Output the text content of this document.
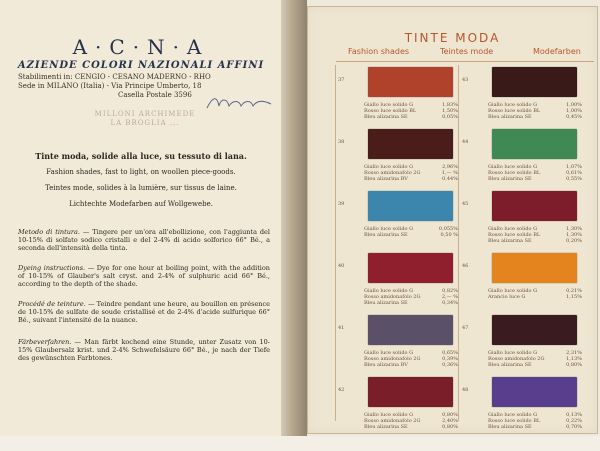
A·C·N·A
AZIENDE COLORI NAZIONALI AFFINI
Stabilimenti in: CENGIO - CESANO MADERNO - RHO
Sede in MILANO (Italia) - Via Principe Umberto, 18
Casella Postale 3596
MILLONI ARCHIMEDE
LA BROGLIA ...
Tinte moda, solide alla luce, su tessuto di lana.
Fashion shades, fast to light, on woollen piece-goods.
Teintes mode, solides à la lumière, sur tissus de laine.
Lichtechte Modefarben auf Wollgewebe.
Metodo di tintura. — Tingere per un'ora all'ebollizione, con l'aggiunta del 10-15% di solfato sodico cristalli e del 2-4% di acido solforico 66° Bé., a seconda dell'intensità della tinta.
Dyeing instructions. — Dye for one hour at boiling point, with the addition of 10-15% of Glauber's salt cryst. and 2-4% of sulphuric acid 66° Bé., according to the depth of the shade.
Procédé de teinture. — Teindre pendant une heure, au bouillon en présence de 10-15% de sulfate de soude cristallisé et de 2-4% d'acide sulfurique 66° Bé., suivant l'intensité de la nuance.
Färbeverfahren. — Man färbt kochend eine Stunde, unter Zusatz von 10-15% Glaubersalz krist. und 2-4% Schwefelsäure 66° Bé., je nach der Tiefe des gewünschten Farbtones.
TINTE MODA
Fashion shades	Teintes mode	Modefarben
37
Giallo luce solido G	1,83%
Rosso luce solido BL	1,50%
Bleu alizarina SE	0,05%
38
Giallo luce solido G	2,96%
Rosso amidonafolo 2G	1,— %
Bleu alizarina BV	0,44%
39
Giallo luce solido G	0,055%
Bleu alizarina SE	0,50 %
40
Giallo luce solido G	0,82%
Rosso amidonafolo 2G	2,— %
Bleu alizarina SE	0,34%
41
Giallo luce solido G	0,65%
Rosso amidonafolo 2G	0,39%
Bleu alizarina BV	0,36%
42
Giallo luce solido G	0,80%
Rosso amidonafolo 2G	2,40%
Bleu alizarina SE	0,80%
43
Giallo luce solido G	1,00%
Rosso luce solido BL	1,00%
Bleu alizarina SE	0,45%
44
Giallo luce solido G	1,07%
Rosso luce solido BL	0,61%
Bleu alizarina SE	0,55%
45
Giallo luce solido G	1,30%
Rosso luce solido BL	1,30%
Bleu alizarina SE	0,20%
46
Giallo luce solido G	0,21%
Arancio luce G	1,15%
47
Giallo luce solido G	2,31%
Rosso amidonafolo 2G	1,13%
Bleu alizarina SE	0,80%
48
Giallo luce solido G	0,13%
Rosso luce solido BL	0,22%
Bleu alizarina SE	0,70%
